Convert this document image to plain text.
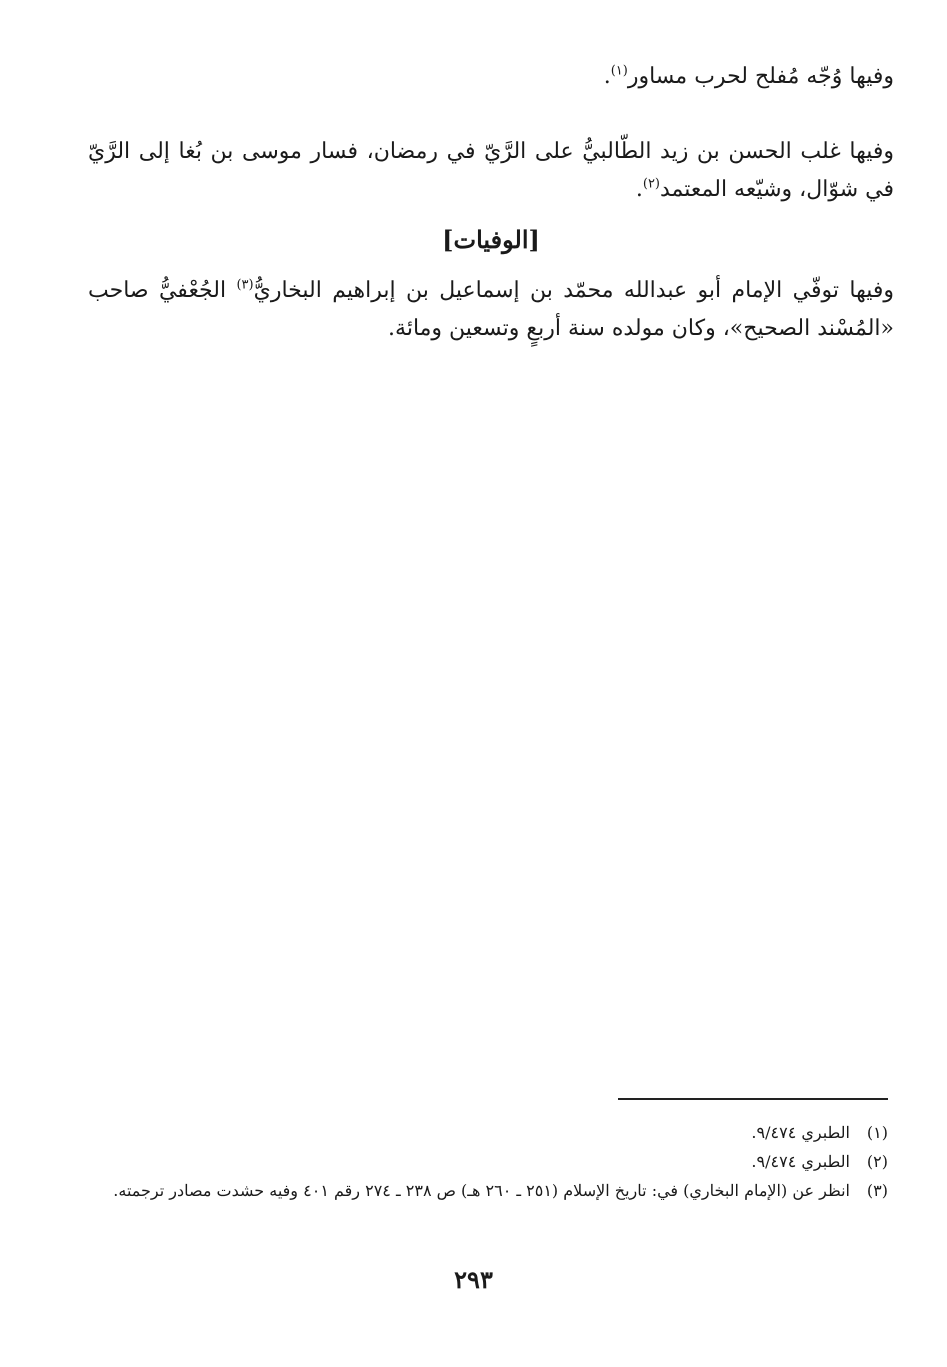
وفيها وُجّه مُفلح لحرب مساور$^{(١)}$.

وفيها غلب الحسن بن زيد الطّالبيُّ على الرَّيّ في رمضان، فسار موسى بن بُغا إلى الرَّيّ في شوّال، وشيّعه المعتمد$^{(٢)}$.

[الوفيات]

وفيها توفّي الإمام أبو عبدالله محمّد بن إسماعيل بن إبراهيم البخاريُّ$^{(٣)}$ الجُعْفيُّ صاحب «المُسْند الصحيح»، وكان مولده سنة أربعٍ وتسعين ومائة.

(١)
الطبري ٩/٤٧٤.
(٢)
الطبري ٩/٤٧٤.
(٣)
انظر عن (الإمام البخاري) في: تاريخ الإسلام (٢٥١ ـ ٢٦٠ هـ) ص ٢٣٨ ـ ٢٧٤ رقم ٤٠١ وفيه حشدت مصادر ترجمته.
٢٩٣
